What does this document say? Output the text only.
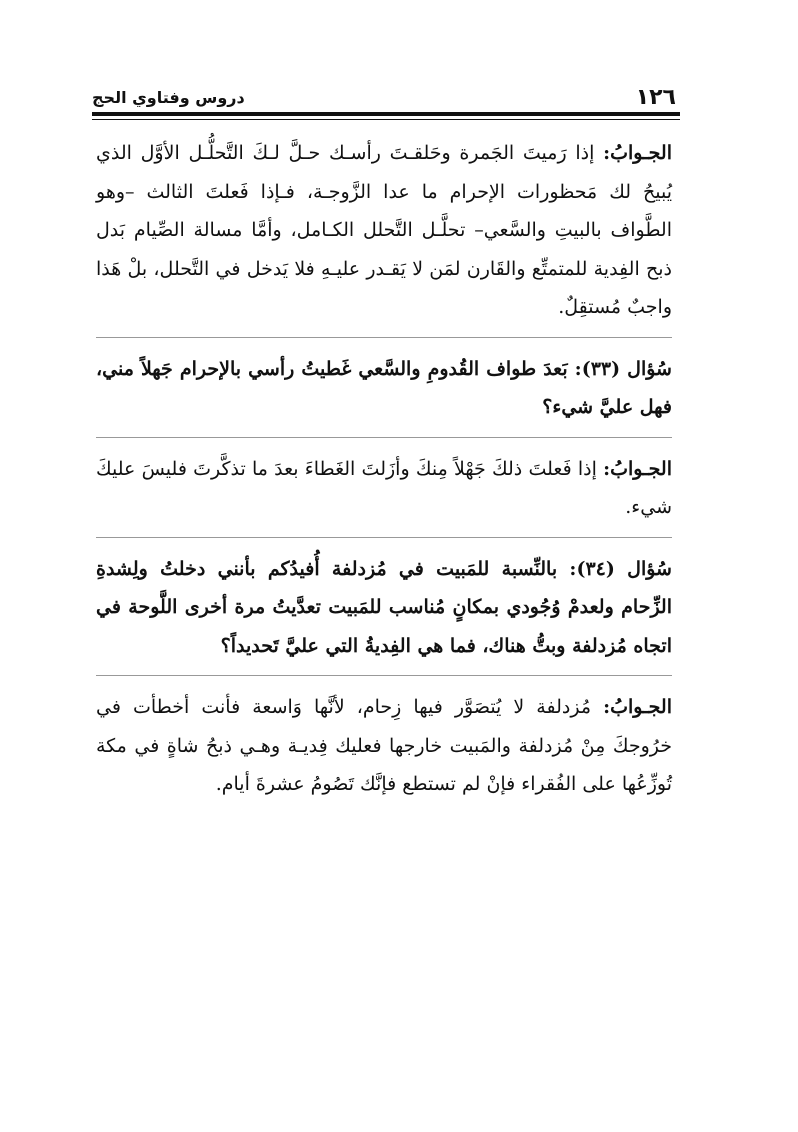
١٢٦
دروس وفتاوي الحج

الجـوابُ: إذا رَميتَ الجَمرة وحَلقـتَ رأسـك حـلَّ لـكَ التَّحلُّـل الأوَّل الذي يُبيحُ لك مَحظورات الإحرام ما عدا الزَّوجـة، فـإذا فَعلتَ الثالث –وهو الطَّواف بالبيتِ والسَّعي– تحلَّـل التَّحلل الكـامل، وأمَّا مسالة الصِّيام بَدل ذبح الفِدية للمتمتِّع والقَارن لمَن لا يَقـدر عليـهِ فلا يَدخل في التَّحلل، بلْ هَذا واجبٌ مُستقِلٌ.

سُؤال (٣٣): بَعدَ طواف القُدومِ والسَّعي غَطيتُ رأسي بالإحرام جَهلاً مني، فهل عليَّ شيء؟

الجـوابُ: إذا فَعلتَ ذلكَ جَهْلاً مِنكَ وأزَلتَ الغَطاءَ بعدَ ما تذكَّرتَ فليسَ عليكَ شيء.

سُؤال (٣٤): بالنِّسبة للمَبيت في مُزدلفة أُفيدُكم بأنني دخلتُ ولِشدةِ الزِّحام ولعدمْ وُجُودي بمكانٍ مُناسب للمَبيت تعدَّيتُ مرة أخرى اللَّوحة في اتجاه مُزدلفة وبتُّ هناك، فما هي الفِديةُ التي عليَّ تَحديداً؟

الجـوابُ: مُزدلفة لا يُتصَوَّر فيها زِحام، لأنَّها وَاسعة فأنت أخطأت في خرُوجكَ مِنْ مُزدلفة والمَبيت خارجها فعليك فِديـة وهـي ذبحُ شاةٍ في مكة تُوزِّعُها على الفُقراء فإنْ لم تستطع فإنَّك تَصُومُ عشرةَ أيام.
